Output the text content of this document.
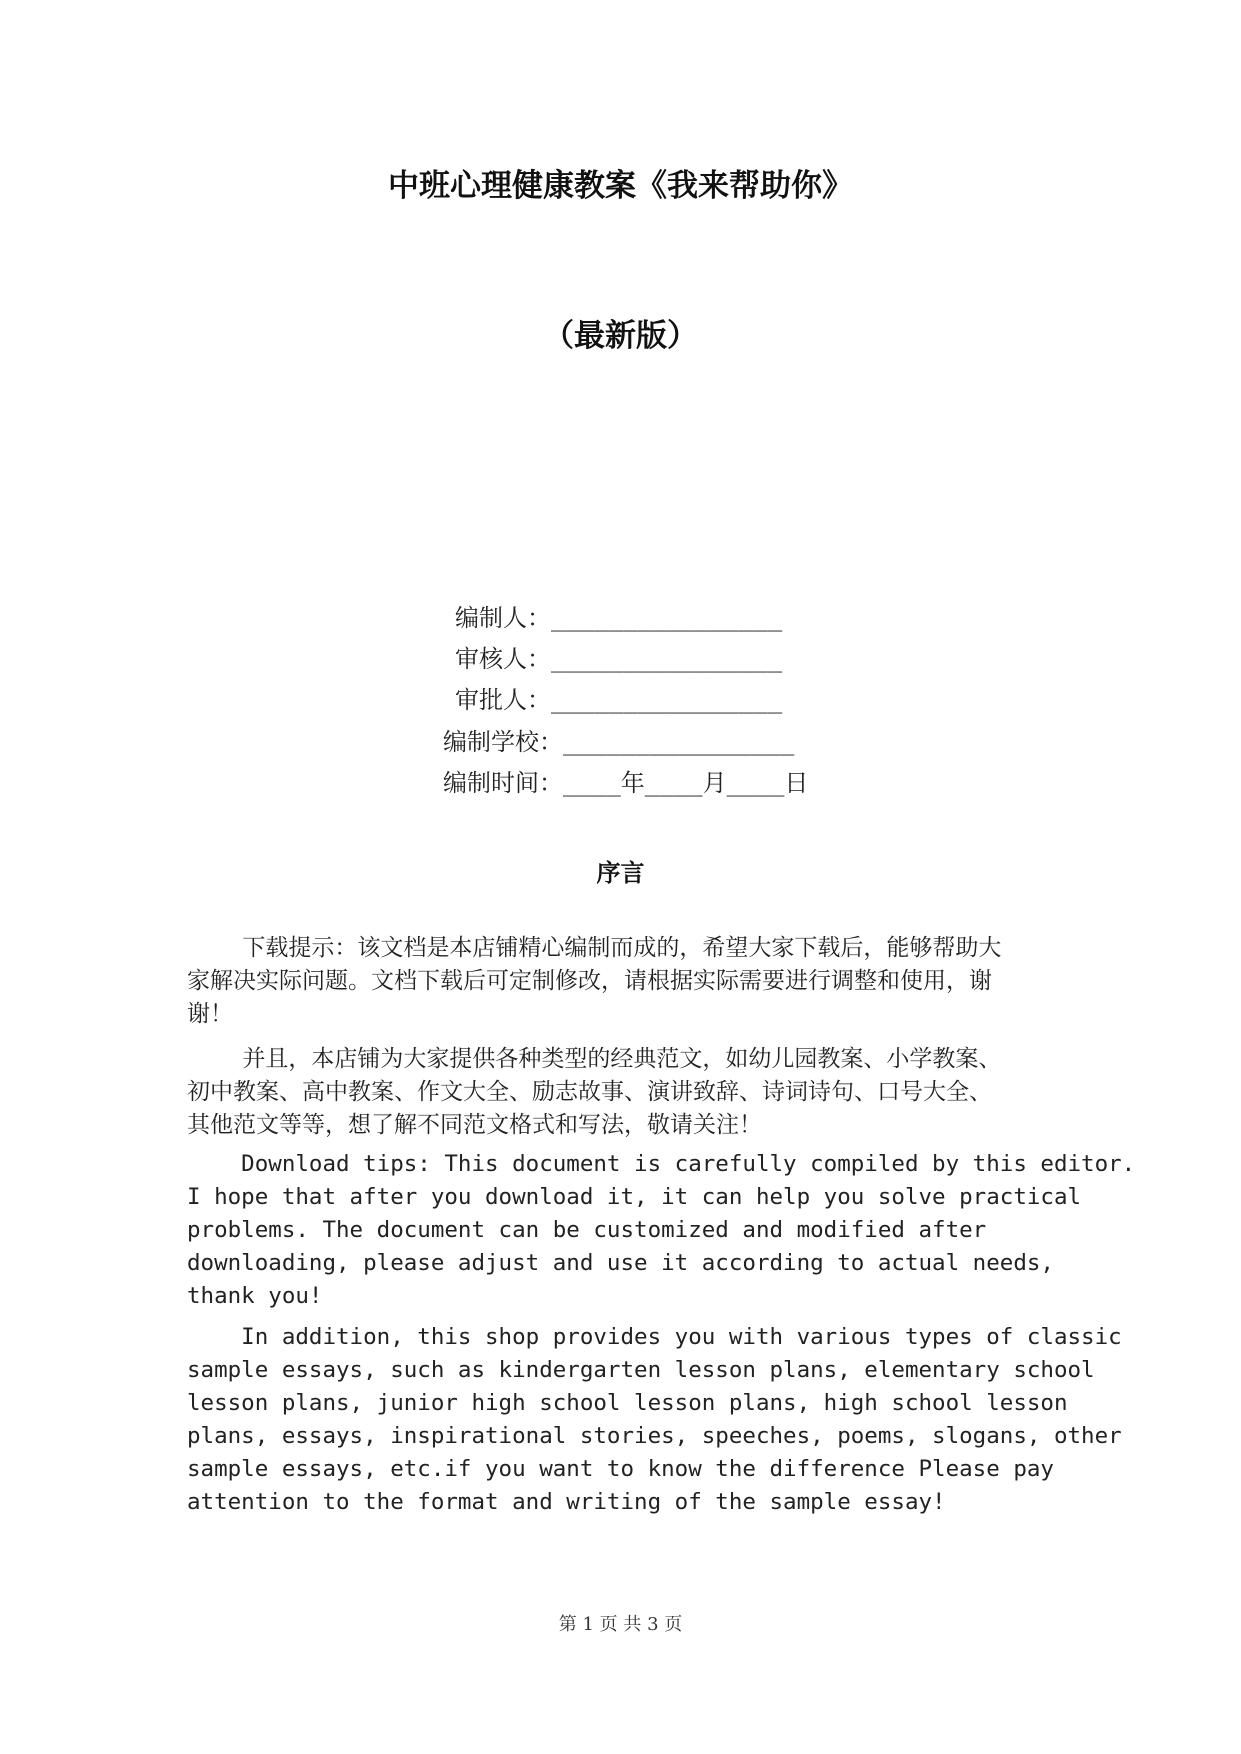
中班心理健康教案《我来帮助你》
（最新版）
编制人：________________
审核人：________________
审批人：________________
编制学校：________________
编制时间：____年____月____日
序言
下载提示：该文档是本店铺精心编制而成的，希望大家下载后，能够帮助大
家解决实际问题。文档下载后可定制修改，请根据实际需要进行调整和使用，谢
谢！
并且，本店铺为大家提供各种类型的经典范文，如幼儿园教案、小学教案、
初中教案、高中教案、作文大全、励志故事、演讲致辞、诗词诗句、口号大全、
其他范文等等，想了解不同范文格式和写法，敬请关注！
Download tips: This document is carefully compiled by this editor.
I hope that after you download it, it can help you solve practical
problems. The document can be customized and modified after
downloading, please adjust and use it according to actual needs,
thank you!
In addition, this shop provides you with various types of classic
sample essays, such as kindergarten lesson plans, elementary school
lesson plans, junior high school lesson plans, high school lesson
plans, essays, inspirational stories, speeches, poems, slogans, other
sample essays, etc.if you want to know the difference Please pay
attention to the format and writing of the sample essay!
第 1 页 共 3 页
